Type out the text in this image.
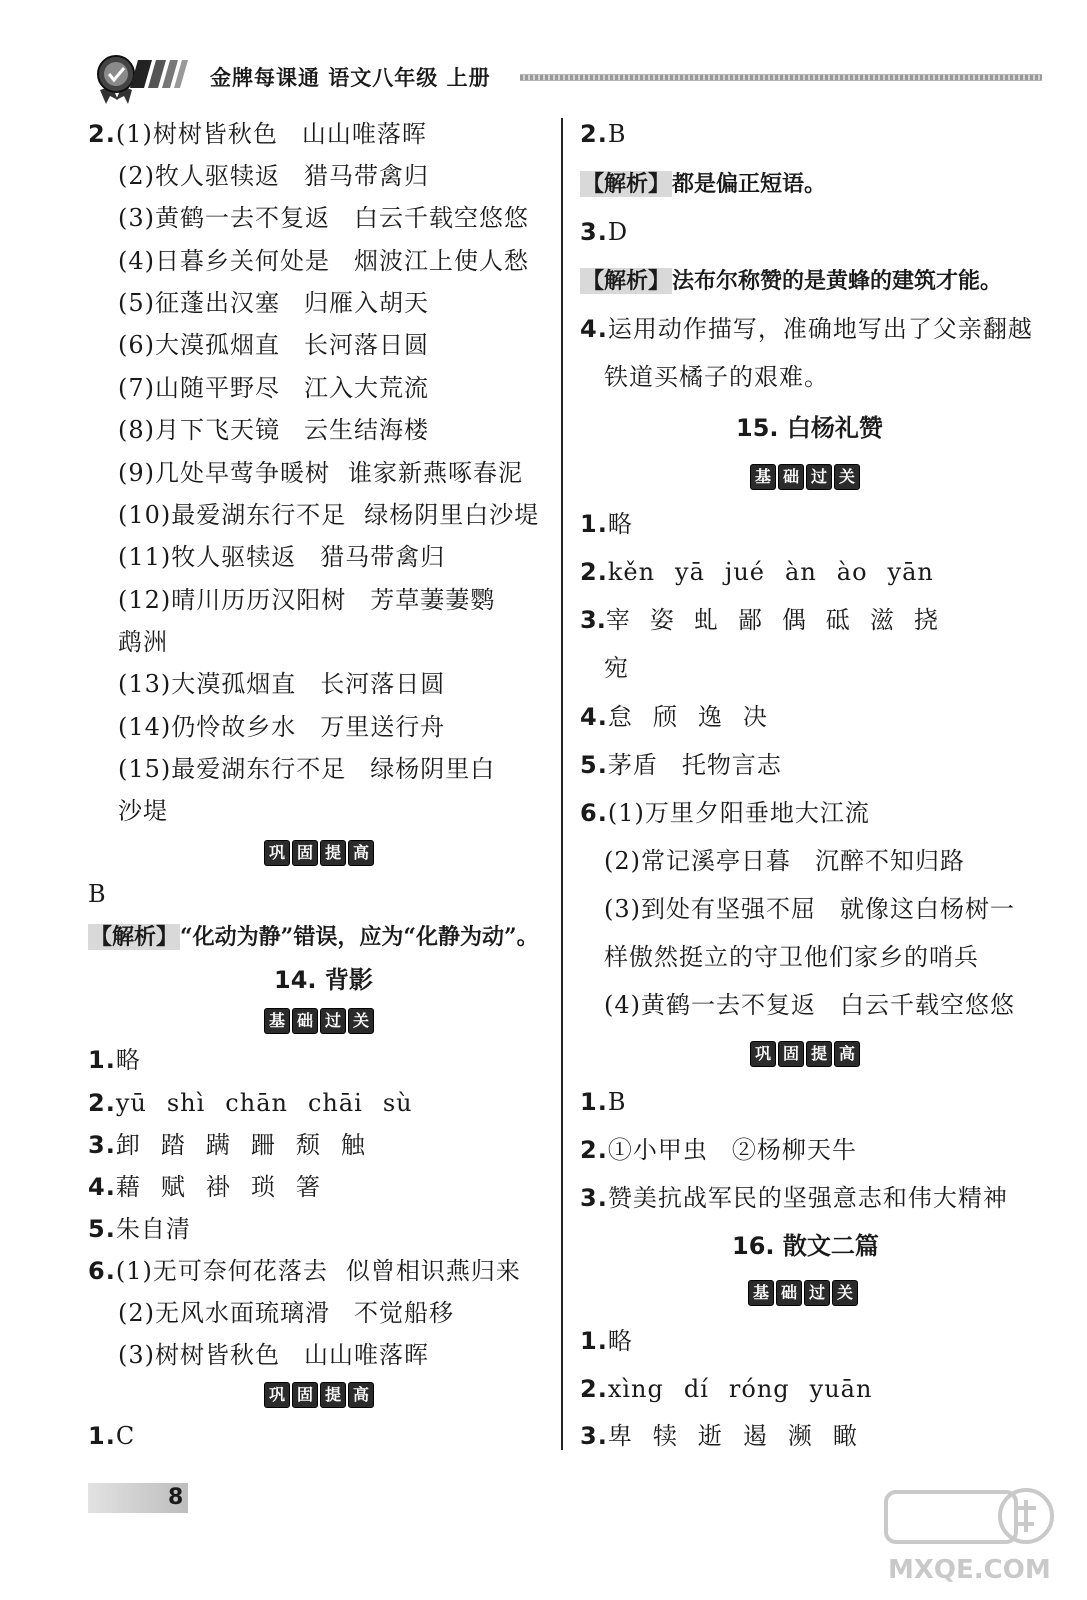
金牌每课通 语文八年级 上册
2.(1)树树皆秋色 山山唯落晖
(2)牧人驱犊返 猎马带禽归
(3)黄鹤一去不复返 白云千载空悠悠
(4)日暮乡关何处是 烟波江上使人愁
(5)征蓬出汉塞 归雁入胡天
(6)大漠孤烟直 长河落日圆
(7)山随平野尽 江入大荒流
(8)月下飞天镜 云生结海楼
(9)几处早莺争暖树 谁家新燕啄春泥
(10)最爱湖东行不足 绿杨阴里白沙堤
(11)牧人驱犊返 猎马带禽归
(12)晴川历历汉阳树 芳草萋萋鹦
鹉洲
(13)大漠孤烟直 长河落日圆
(14)仍怜故乡水 万里送行舟
(15)最爱湖东行不足 绿杨阴里白
沙堤
巩 固 提 高
B
【解析】“化动为静”错误，应为“化静为动”。
14. 背影
基 础 过 关
1.略
2.yū shì chān chāi sù
3.卸 踏 蹒 跚 颓 触
4.藉 赋 褂 琐 箸
5.朱自清
6.(1)无可奈何花落去 似曾相识燕归来
(2)无风水面琉璃滑 不觉船移
(3)树树皆秋色 山山唯落晖
巩 固 提 高
1.C
2.B
【解析】都是偏正短语。
3.D
【解析】法布尔称赞的是黄蜂的建筑才能。
4.运用动作描写，准确地写出了父亲翻越
铁道买橘子的艰难。
15. 白杨礼赞
基 础 过 关
1.略
2.kěn yā jué àn ào yān
3.宰 姿 虬 鄙 偶 砥 滋 挠
宛
4.怠 颀 逸 决
5.茅盾 托物言志
6.(1)万里夕阳垂地大江流
(2)常记溪亭日暮 沉醉不知归路
(3)到处有坚强不屈 就像这白杨树一
样傲然挺立的守卫他们家乡的哨兵
(4)黄鹤一去不复返 白云千载空悠悠
巩 固 提 高
1.B
2.①小甲虫 ②杨柳天牛
3.赞美抗战军民的坚强意志和伟大精神
16. 散文二篇
基 础 过 关
1.略
2.xìng dí róng yuān
3.卑 犊 逝 遏 濒 瞰
8
MXQE.COM
